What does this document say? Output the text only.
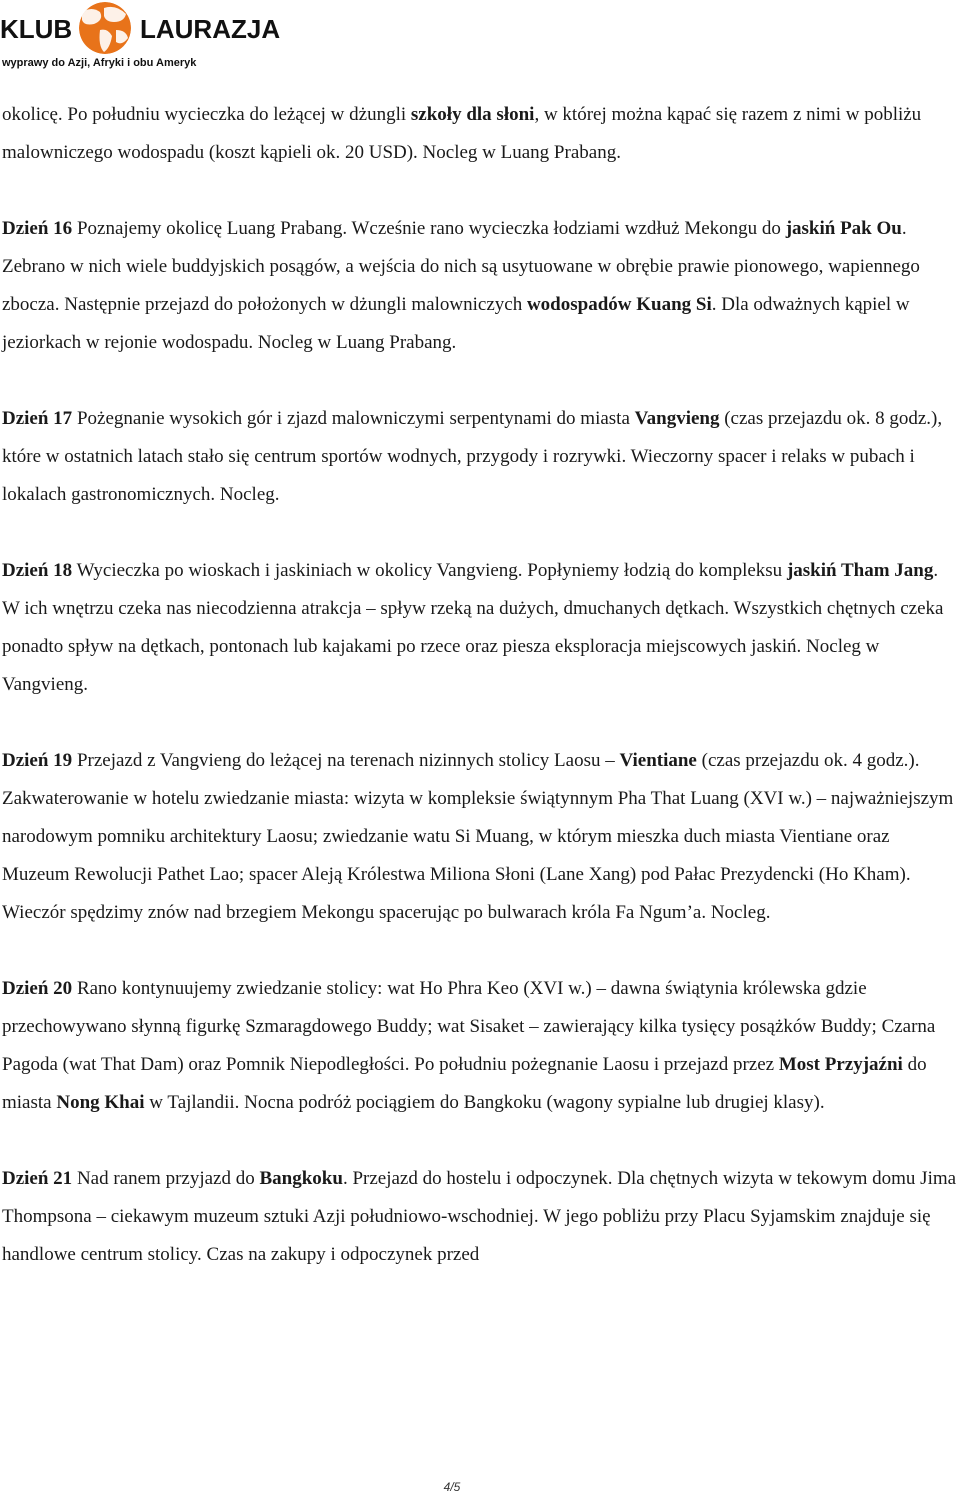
KLUB	LAURAZJA
wyprawy do Azji, Afryki i obu Ameryk

okolicę. Po południu wycieczka do leżącej w dżungli szkoły dla słoni, w której można kąpać się razem z nimi w pobliżu malowniczego wodospadu (koszt kąpieli ok. 20 USD). Nocleg w Luang Prabang.

Dzień 16 Poznajemy okolicę Luang Prabang. Wcześnie rano wycieczka łodziami wzdłuż Mekongu do jaskiń Pak Ou. Zebrano w nich wiele buddyjskich posągów, a wejścia do nich są usytuowane w obrębie prawie pionowego, wapiennego zbocza. Następnie przejazd do położonych w dżungli malowniczych wodospadów Kuang Si. Dla odważnych kąpiel w jeziorkach w rejonie wodospadu. Nocleg w Luang Prabang.

Dzień 17 Pożegnanie wysokich gór i zjazd malowniczymi serpentynami do miasta Vangvieng (czas przejazdu ok. 8 godz.), które w ostatnich latach stało się centrum sportów wodnych, przygody i rozrywki. Wieczorny spacer i relaks w pubach i lokalach gastronomicznych. Nocleg.

Dzień 18 Wycieczka po wioskach i jaskiniach w okolicy Vangvieng. Popłyniemy łodzią do kompleksu jaskiń Tham Jang. W ich wnętrzu czeka nas niecodzienna atrakcja – spływ rzeką na dużych, dmuchanych dętkach. Wszystkich chętnych czeka ponadto spływ na dętkach, pontonach lub kajakami po rzece oraz piesza eksploracja miejscowych jaskiń. Nocleg w Vangvieng.

Dzień 19 Przejazd z Vangvieng do leżącej na terenach nizinnych stolicy Laosu – Vientiane (czas przejazdu ok. 4 godz.). Zakwaterowanie w hotelu zwiedzanie miasta: wizyta w kompleksie świątynnym Pha That Luang (XVI w.) – najważniejszym narodowym pomniku architektury Laosu; zwiedzanie watu Si Muang, w którym mieszka duch miasta Vientiane oraz Muzeum Rewolucji Pathet Lao; spacer Aleją Królestwa Miliona Słoni (Lane Xang) pod Pałac Prezydencki (Ho Kham). Wieczór spędzimy znów nad brzegiem Mekongu spacerując po bulwarach króla Fa Ngum’a. Nocleg.

Dzień 20 Rano kontynuujemy zwiedzanie stolicy: wat Ho Phra Keo (XVI w.) – dawna świątynia królewska gdzie przechowywano słynną figurkę Szmaragdowego Buddy; wat Sisaket – zawierający kilka tysięcy posążków Buddy; Czarna Pagoda (wat That Dam) oraz Pomnik Niepodległości. Po południu pożegnanie Laosu i przejazd przez Most Przyjaźni do miasta Nong Khai w Tajlandii. Nocna podróż pociągiem do Bangkoku (wagony sypialne lub drugiej klasy).

Dzień 21 Nad ranem przyjazd do Bangkoku. Przejazd do hostelu i odpoczynek. Dla chętnych wizyta w tekowym domu Jima Thompsona – ciekawym muzeum sztuki Azji południowo-wschodniej. W jego pobliżu przy Placu Syjamskim znajduje się handlowe centrum stolicy. Czas na zakupy i odpoczynek przed

4/5
